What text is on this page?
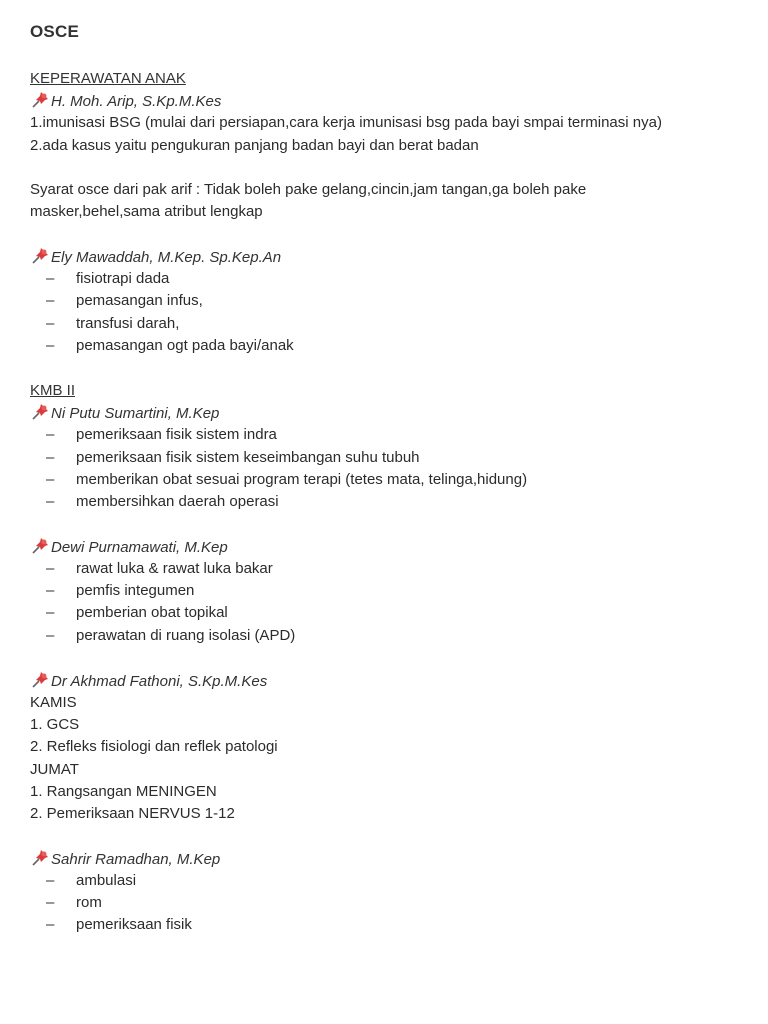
OSCE
KEPERAWATAN ANAK
H. Moh. Arip, S.Kp.M.Kes
1.imunisasi BSG (mulai dari persiapan,cara kerja imunisasi bsg pada bayi smpai terminasi nya)
2.ada kasus yaitu pengukuran panjang badan bayi dan berat badan
Syarat osce dari pak arif : Tidak boleh pake gelang,cincin,jam tangan,ga boleh pake
masker,behel,sama atribut lengkap
Ely Mawaddah, M.Kep. Sp.Kep.An
– fisiotrapi dada
– pemasangan infus,
– transfusi darah,
– pemasangan ogt pada bayi/anak
KMB II
Ni Putu Sumartini, M.Kep
– pemeriksaan fisik sistem indra
– pemeriksaan fisik sistem keseimbangan suhu tubuh
– memberikan obat sesuai program terapi (tetes mata, telinga,hidung)
– membersihkan daerah operasi
Dewi Purnamawati, M.Kep
– rawat luka & rawat luka bakar
– pemfis integumen
– pemberian obat topikal
– perawatan di ruang isolasi (APD)
Dr Akhmad Fathoni, S.Kp.M.Kes
KAMIS
1. GCS
2. Refleks fisiologi dan reflek patologi
JUMAT
1. Rangsangan MENINGEN
2. Pemeriksaan NERVUS 1-12
Sahrir Ramadhan, M.Kep
– ambulasi
– rom
– pemeriksaan fisik
